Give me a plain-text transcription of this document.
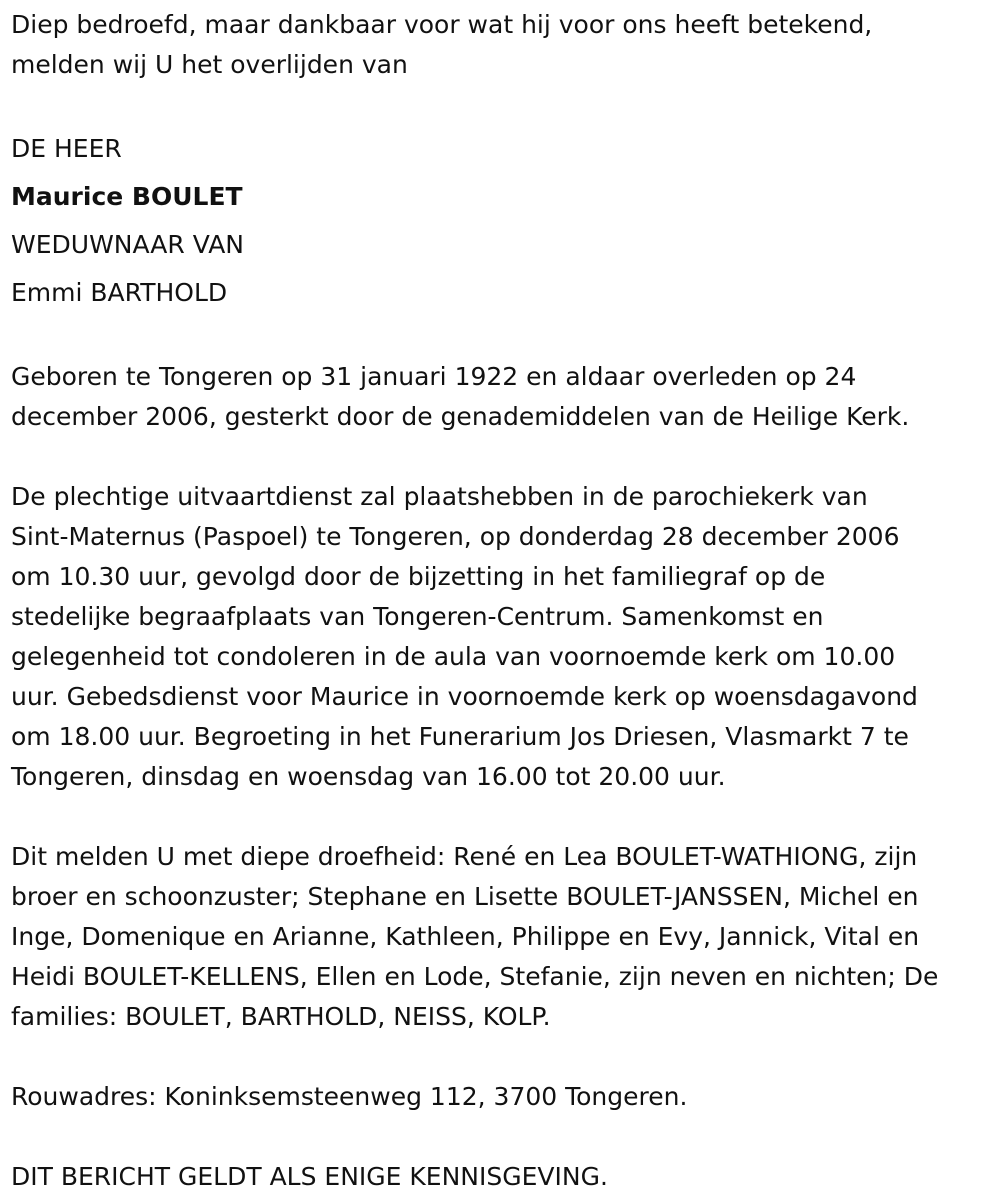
Diep bedroefd, maar dankbaar voor wat hij voor ons heeft betekend,
melden wij U het overlijden van

DE HEER

Maurice BOULET

WEDUWNAAR VAN

Emmi BARTHOLD

Geboren te Tongeren op 31 januari 1922 en aldaar overleden op 24
december 2006, gesterkt door de genademiddelen van de Heilige Kerk.

De plechtige uitvaartdienst zal plaatshebben in de parochiekerk van
Sint-Maternus (Paspoel) te Tongeren, op donderdag 28 december 2006
om 10.30 uur, gevolgd door de bijzetting in het familiegraf op de
stedelijke begraafplaats van Tongeren-Centrum. Samenkomst en
gelegenheid tot condoleren in de aula van voornoemde kerk om 10.00
uur. Gebedsdienst voor Maurice in voornoemde kerk op woensdagavond
om 18.00 uur. Begroeting in het Funerarium Jos Driesen, Vlasmarkt 7 te
Tongeren, dinsdag en woensdag van 16.00 tot 20.00 uur.

Dit melden U met diepe droefheid: René en Lea BOULET-WATHIONG, zijn
broer en schoonzuster; Stephane en Lisette BOULET-JANSSEN, Michel en
Inge, Domenique en Arianne, Kathleen, Philippe en Evy, Jannick, Vital en
Heidi BOULET-KELLENS, Ellen en Lode, Stefanie, zijn neven en nichten; De
families: BOULET, BARTHOLD, NEISS, KOLP.

Rouwadres: Koninksemsteenweg 112, 3700 Tongeren.

DIT BERICHT GELDT ALS ENIGE KENNISGEVING.
